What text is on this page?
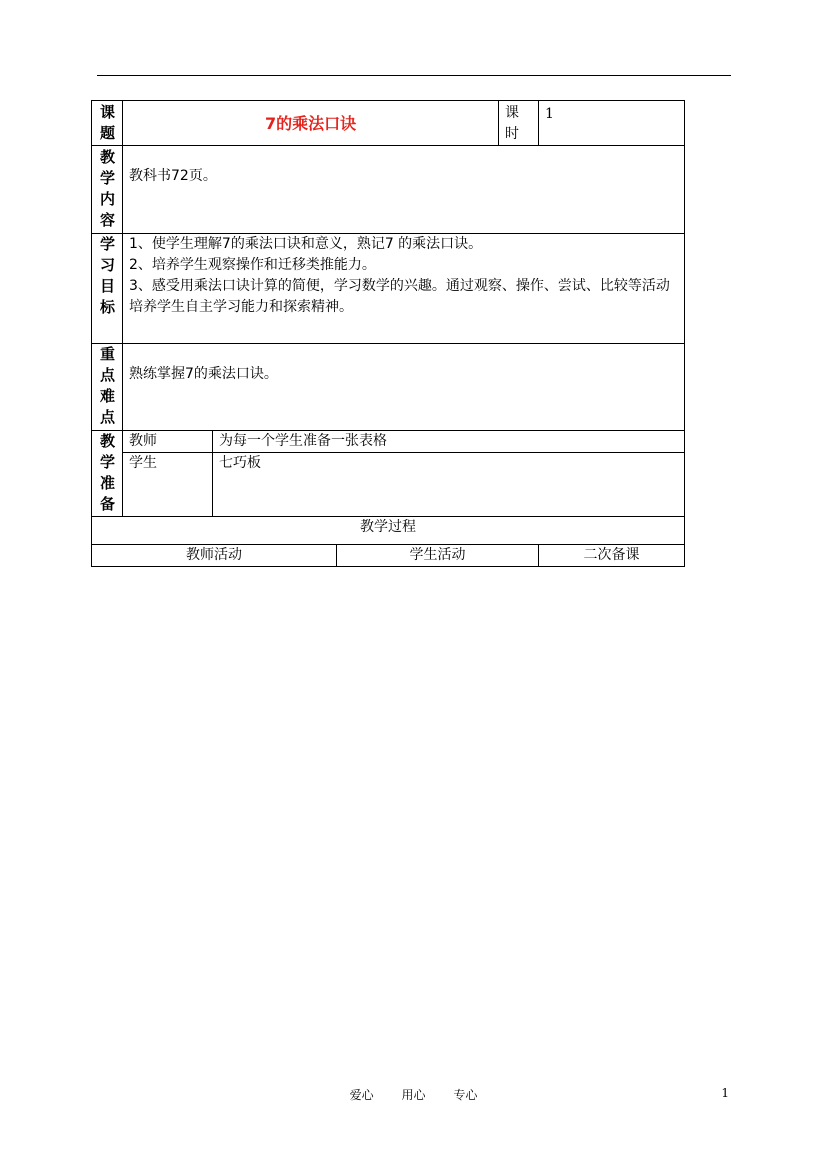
课题	7的乘法口诀			课时	1
教学内容	教科书72页。				
学习目标	1、使学生理解7的乘法口诀和意义，熟记7 的乘法口诀。
2、培养学生观察操作和迁移类推能力。
3、感受用乘法口诀计算的简便，学习数学的兴趣。通过观察、操作、尝试、比较等活动培养学生自主学习能力和探索精神。				

重点难点	熟练掌握7的乘法口诀。				
教学准备	教师	为每一个学生准备一张表格			
	学生	七巧板			
教学过程					
教师活动			学生活动		二次备课
爱心 用心 专心	1
